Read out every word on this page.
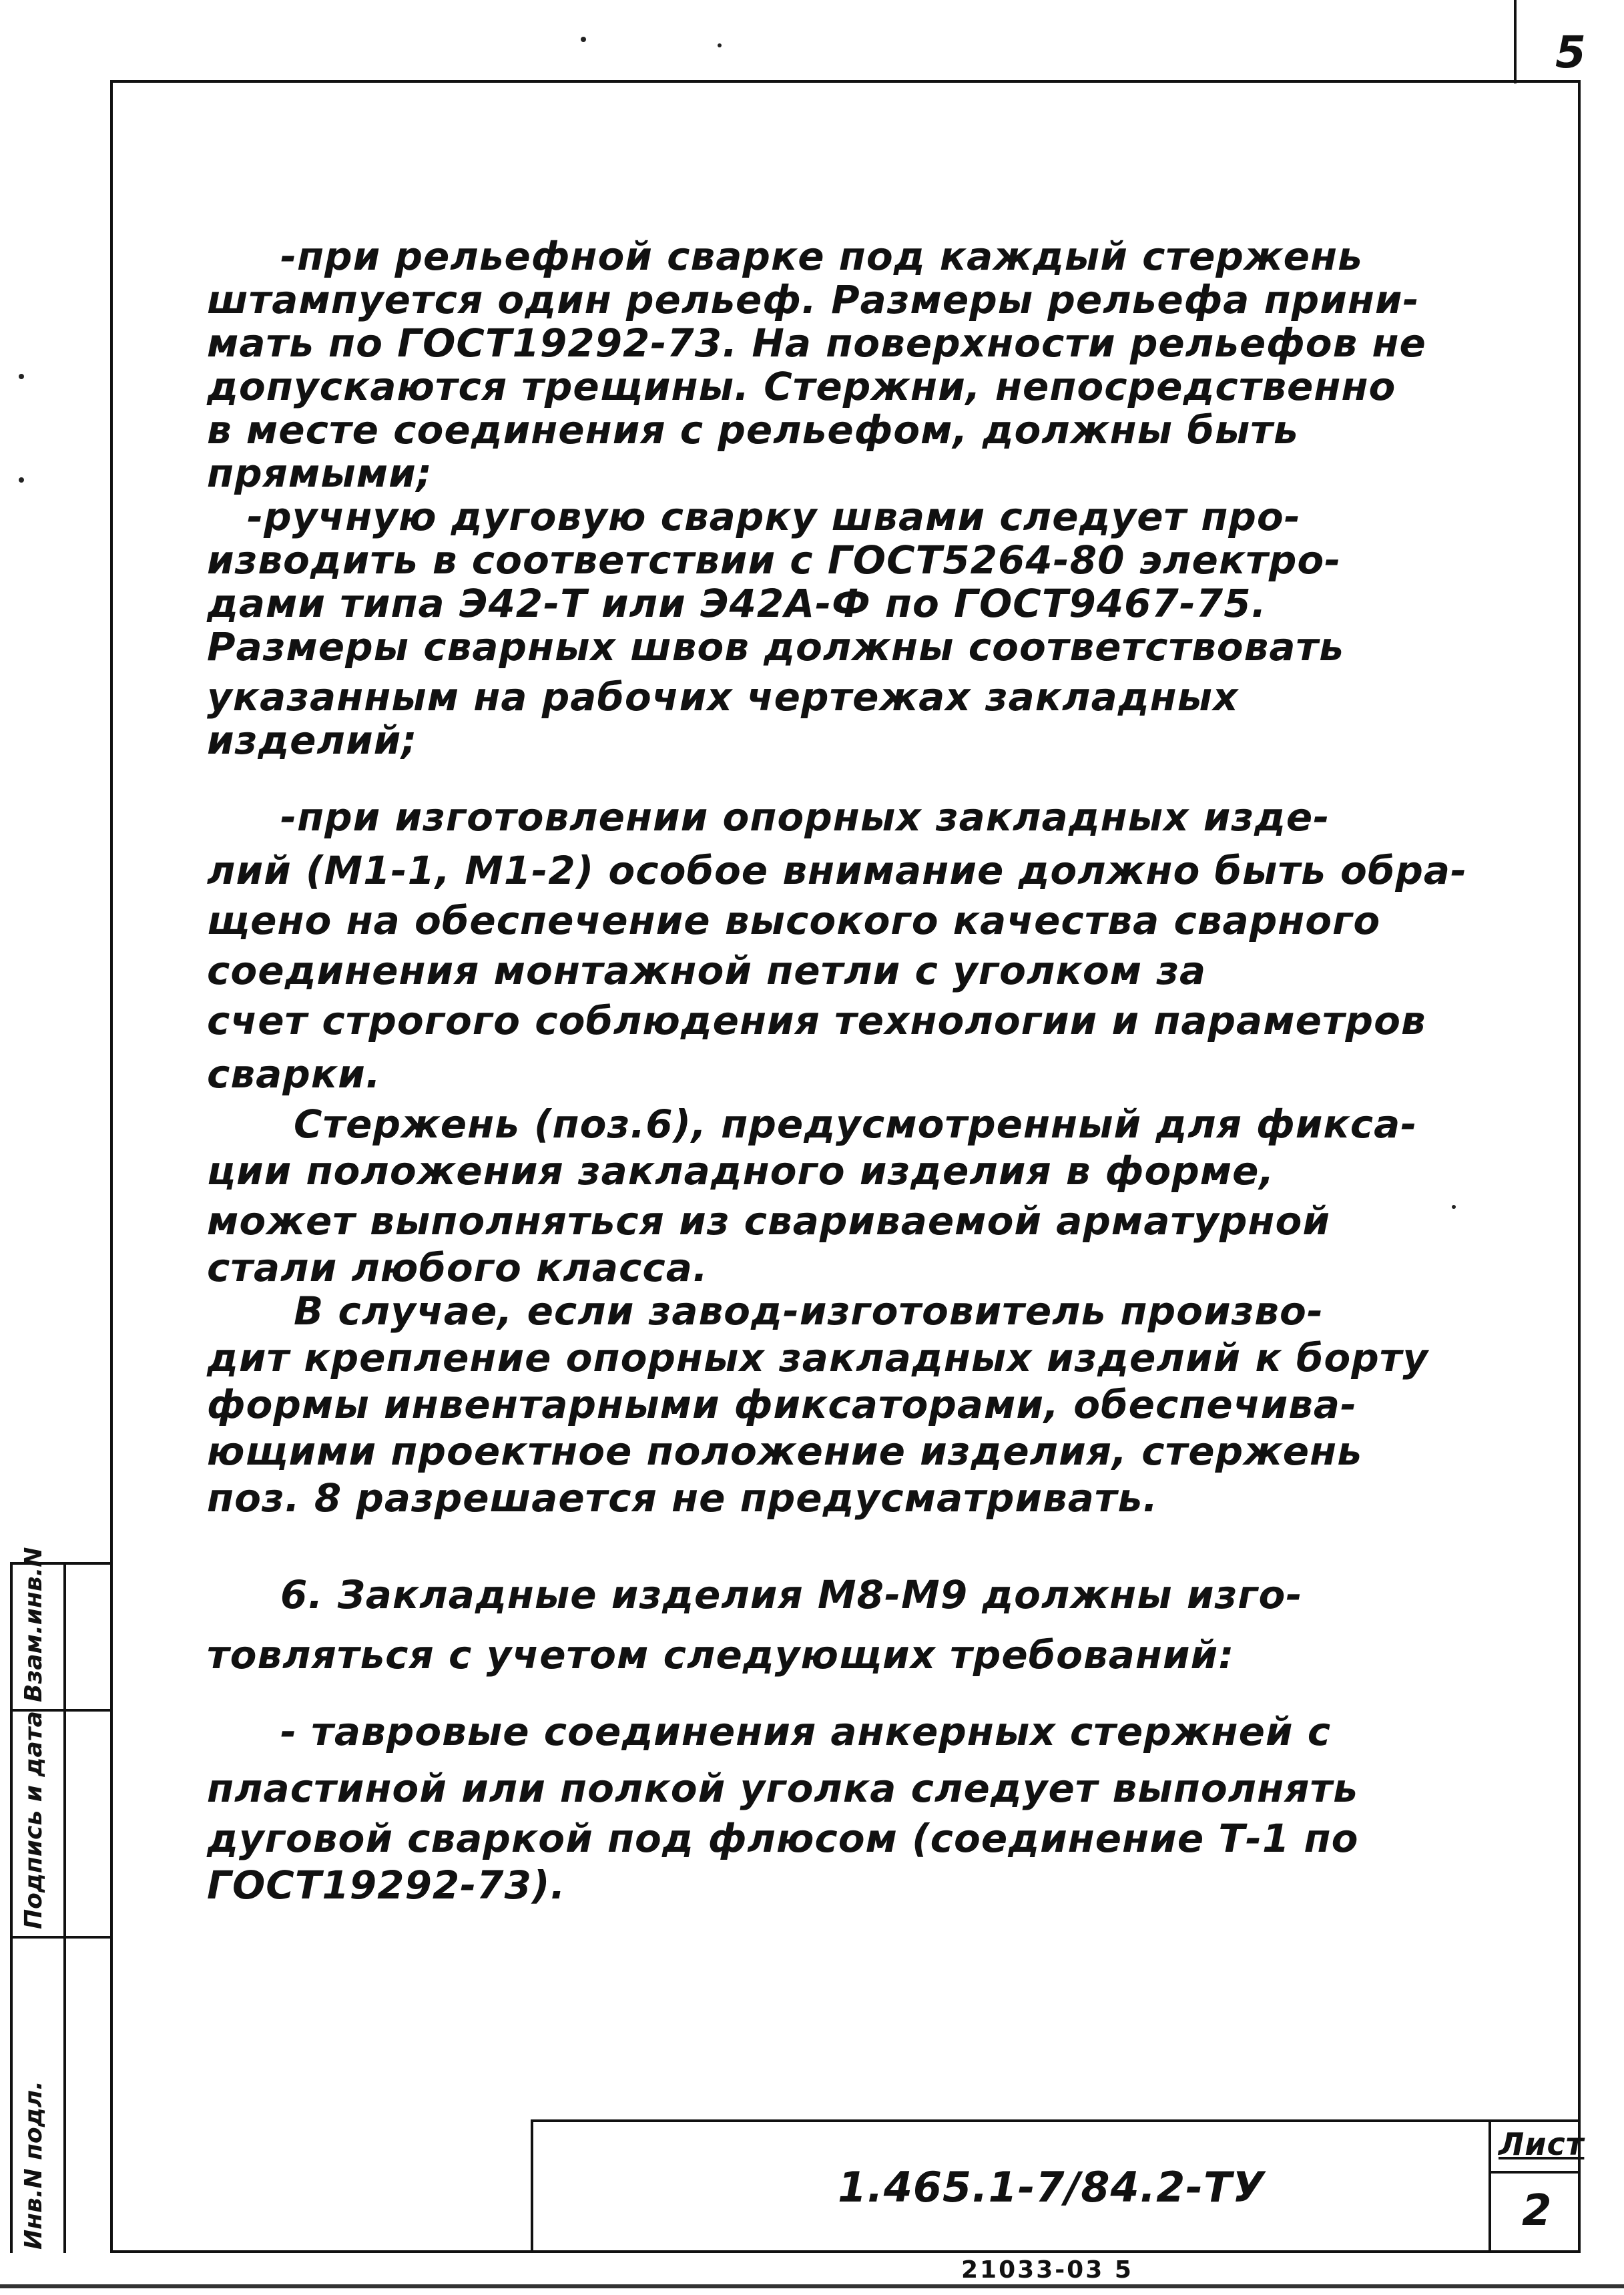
5
Инв.N подл.
Подпись и дата
Взам.инв.N
-при рельефной сварке под каждый стержень
штампуется один рельеф. Размеры рельефа прини-
мать по ГОСТ19292-73. На поверхности рельефов не
допускаются трещины. Стержни, непосредственно
в месте соединения с рельефом, должны быть
прямыми;
-ручную дуговую сварку швами следует про-
изводить в соответствии с ГОСТ5264-80 электро-
дами типа Э42-Т или Э42А-Ф по ГОСТ9467-75.
Размеры сварных швов должны соответствовать
указанным на рабочих чертежах закладных
изделий;
-при изготовлении опорных закладных изде-
лий (М1-1, М1-2) особое внимание должно быть обра-
щено на обеспечение высокого качества сварного
соединения монтажной петли с уголком за
счет строгого соблюдения технологии и параметров
сварки.
Стержень (поз.6), предусмотренный для фикса-
ции положения закладного изделия в форме,
может выполняться из свариваемой арматурной
стали любого класса.
В случае, если завод-изготовитель произво-
дит крепление опорных закладных изделий к борту
формы инвентарными фиксаторами, обеспечива-
ющими проектное положение изделия, стержень
поз. 8 разрешается не предусматривать.
6. Закладные изделия М8-М9 должны изго-
товляться с учетом следующих требований:
- тавровые соединения анкерных стержней с
пластиной или полкой уголка следует выполнять
дуговой сваркой под флюсом (соединение Т-1 по
ГОСТ19292-73).
1.465.1-7/84.2-ТУ
Лист
2
21033-03 5
